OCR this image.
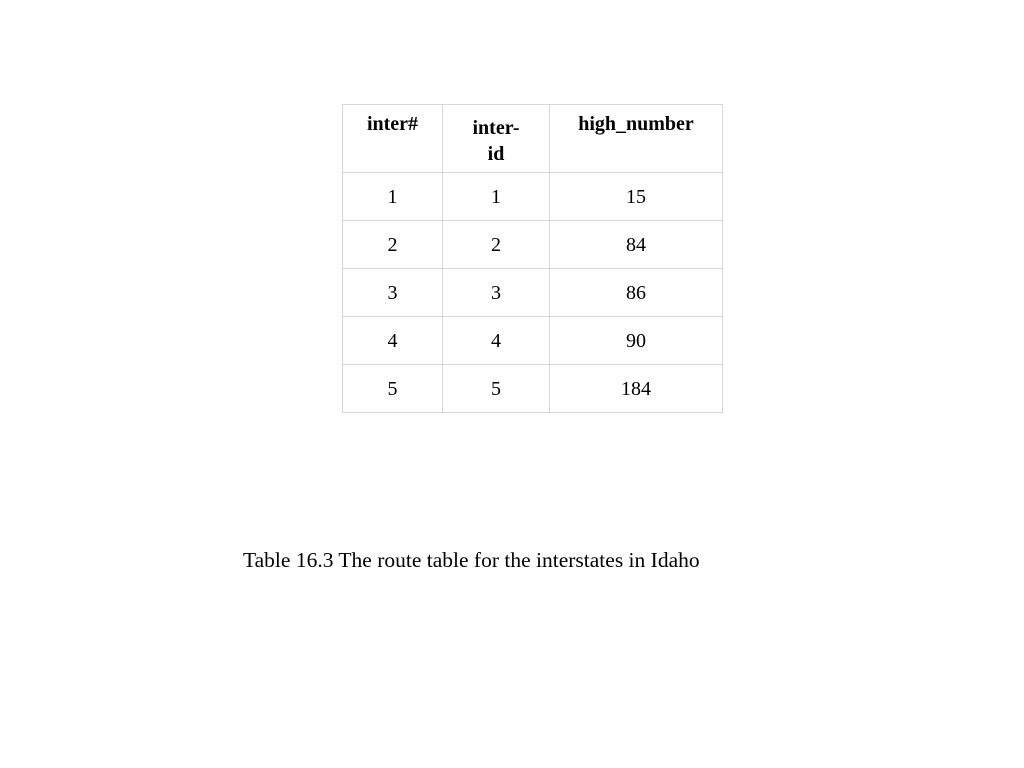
inter#	inter-id	high_number
1	1	15
2	2	84
3	3	86
4	4	90
5	5	184
Table 16.3 The route table for the interstates in Idaho
